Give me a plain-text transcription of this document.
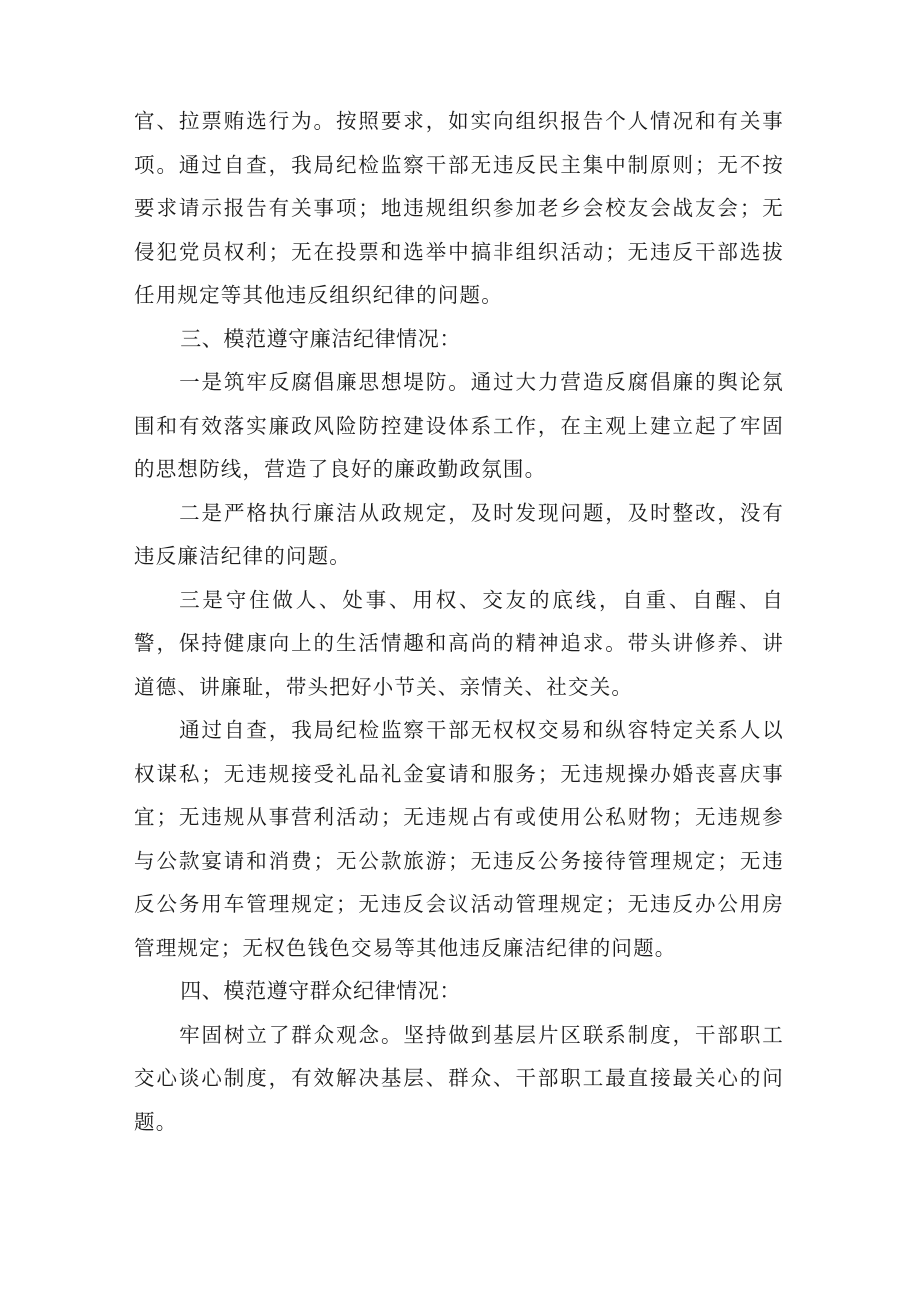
官、拉票贿选行为。按照要求，如实向组织报告个人情况和有关事项。通过自查，我局纪检监察干部无违反民主集中制原则；无不按要求请示报告有关事项；地违规组织参加老乡会校友会战友会；无侵犯党员权利；无在投票和选举中搞非组织活动；无违反干部选拔任用规定等其他违反组织纪律的问题。

三、模范遵守廉洁纪律情况：

一是筑牢反腐倡廉思想堤防。通过大力营造反腐倡廉的舆论氛围和有效落实廉政风险防控建设体系工作，在主观上建立起了牢固的思想防线，营造了良好的廉政勤政氛围。

二是严格执行廉洁从政规定，及时发现问题，及时整改，没有违反廉洁纪律的问题。

三是守住做人、处事、用权、交友的底线，自重、自醒、自警，保持健康向上的生活情趣和高尚的精神追求。带头讲修养、讲道德、讲廉耻，带头把好小节关、亲情关、社交关。

通过自查，我局纪检监察干部无权权交易和纵容特定关系人以权谋私；无违规接受礼品礼金宴请和服务；无违规操办婚丧喜庆事宜；无违规从事营利活动；无违规占有或使用公私财物；无违规参与公款宴请和消费；无公款旅游；无违反公务接待管理规定；无违反公务用车管理规定；无违反会议活动管理规定；无违反办公用房管理规定；无权色钱色交易等其他违反廉洁纪律的问题。

四、模范遵守群众纪律情况：

牢固树立了群众观念。坚持做到基层片区联系制度，干部职工交心谈心制度，有效解决基层、群众、干部职工最直接最关心的问题。
